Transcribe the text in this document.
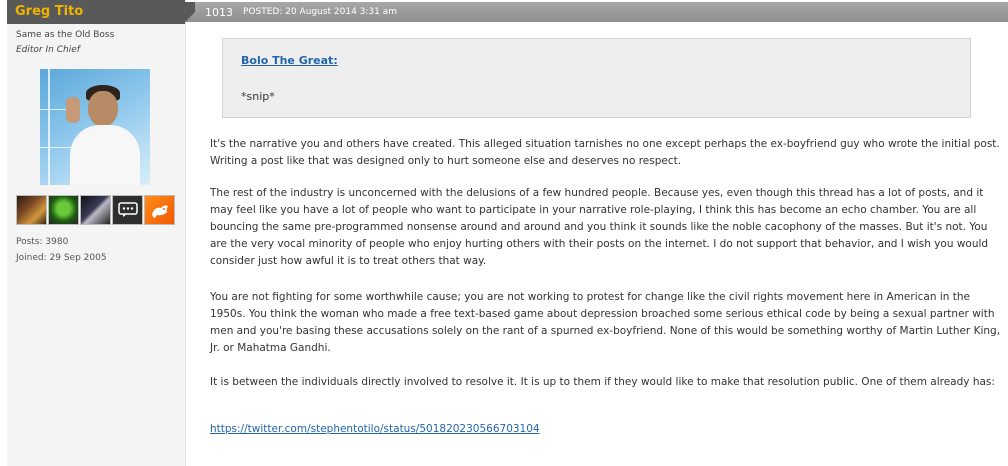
Greg Tito
Same as the Old Boss
Editor In Chief
Posts: 3980
Joined: 29 Sep 2005
1013 POSTED: 20 August 2014 3:31 am
Bolo The Great:
*snip*

It's the narrative you and others have created. This alleged situation tarnishes no one except perhaps the ex-boyfriend guy who wrote the initial post. Writing a post like that was designed only to hurt someone else and deserves no respect.

The rest of the industry is unconcerned with the delusions of a few hundred people. Because yes, even though this thread has a lot of posts, and it may feel like you have a lot of people who want to participate in your narrative role-playing, I think this has become an echo chamber. You are all bouncing the same pre-programmed nonsense around and around and you think it sounds like the noble cacophony of the masses. But it's not. You are the very vocal minority of people who enjoy hurting others with their posts on the internet. I do not support that behavior, and I wish you would consider just how awful it is to treat others that way.

You are not fighting for some worthwhile cause; you are not working to protest for change like the civil rights movement here in American in the 1950s. You think the woman who made a free text-based game about depression broached some serious ethical code by being a sexual partner with men and you're basing these accusations solely on the rant of a spurned ex-boyfriend. None of this would be something worthy of Martin Luther King, Jr. or Mahatma Gandhi.

It is between the individuals directly involved to resolve it. It is up to them if they would like to make that resolution public. One of them already has:

https://twitter.com/stephentotilo/status/501820230566703104
